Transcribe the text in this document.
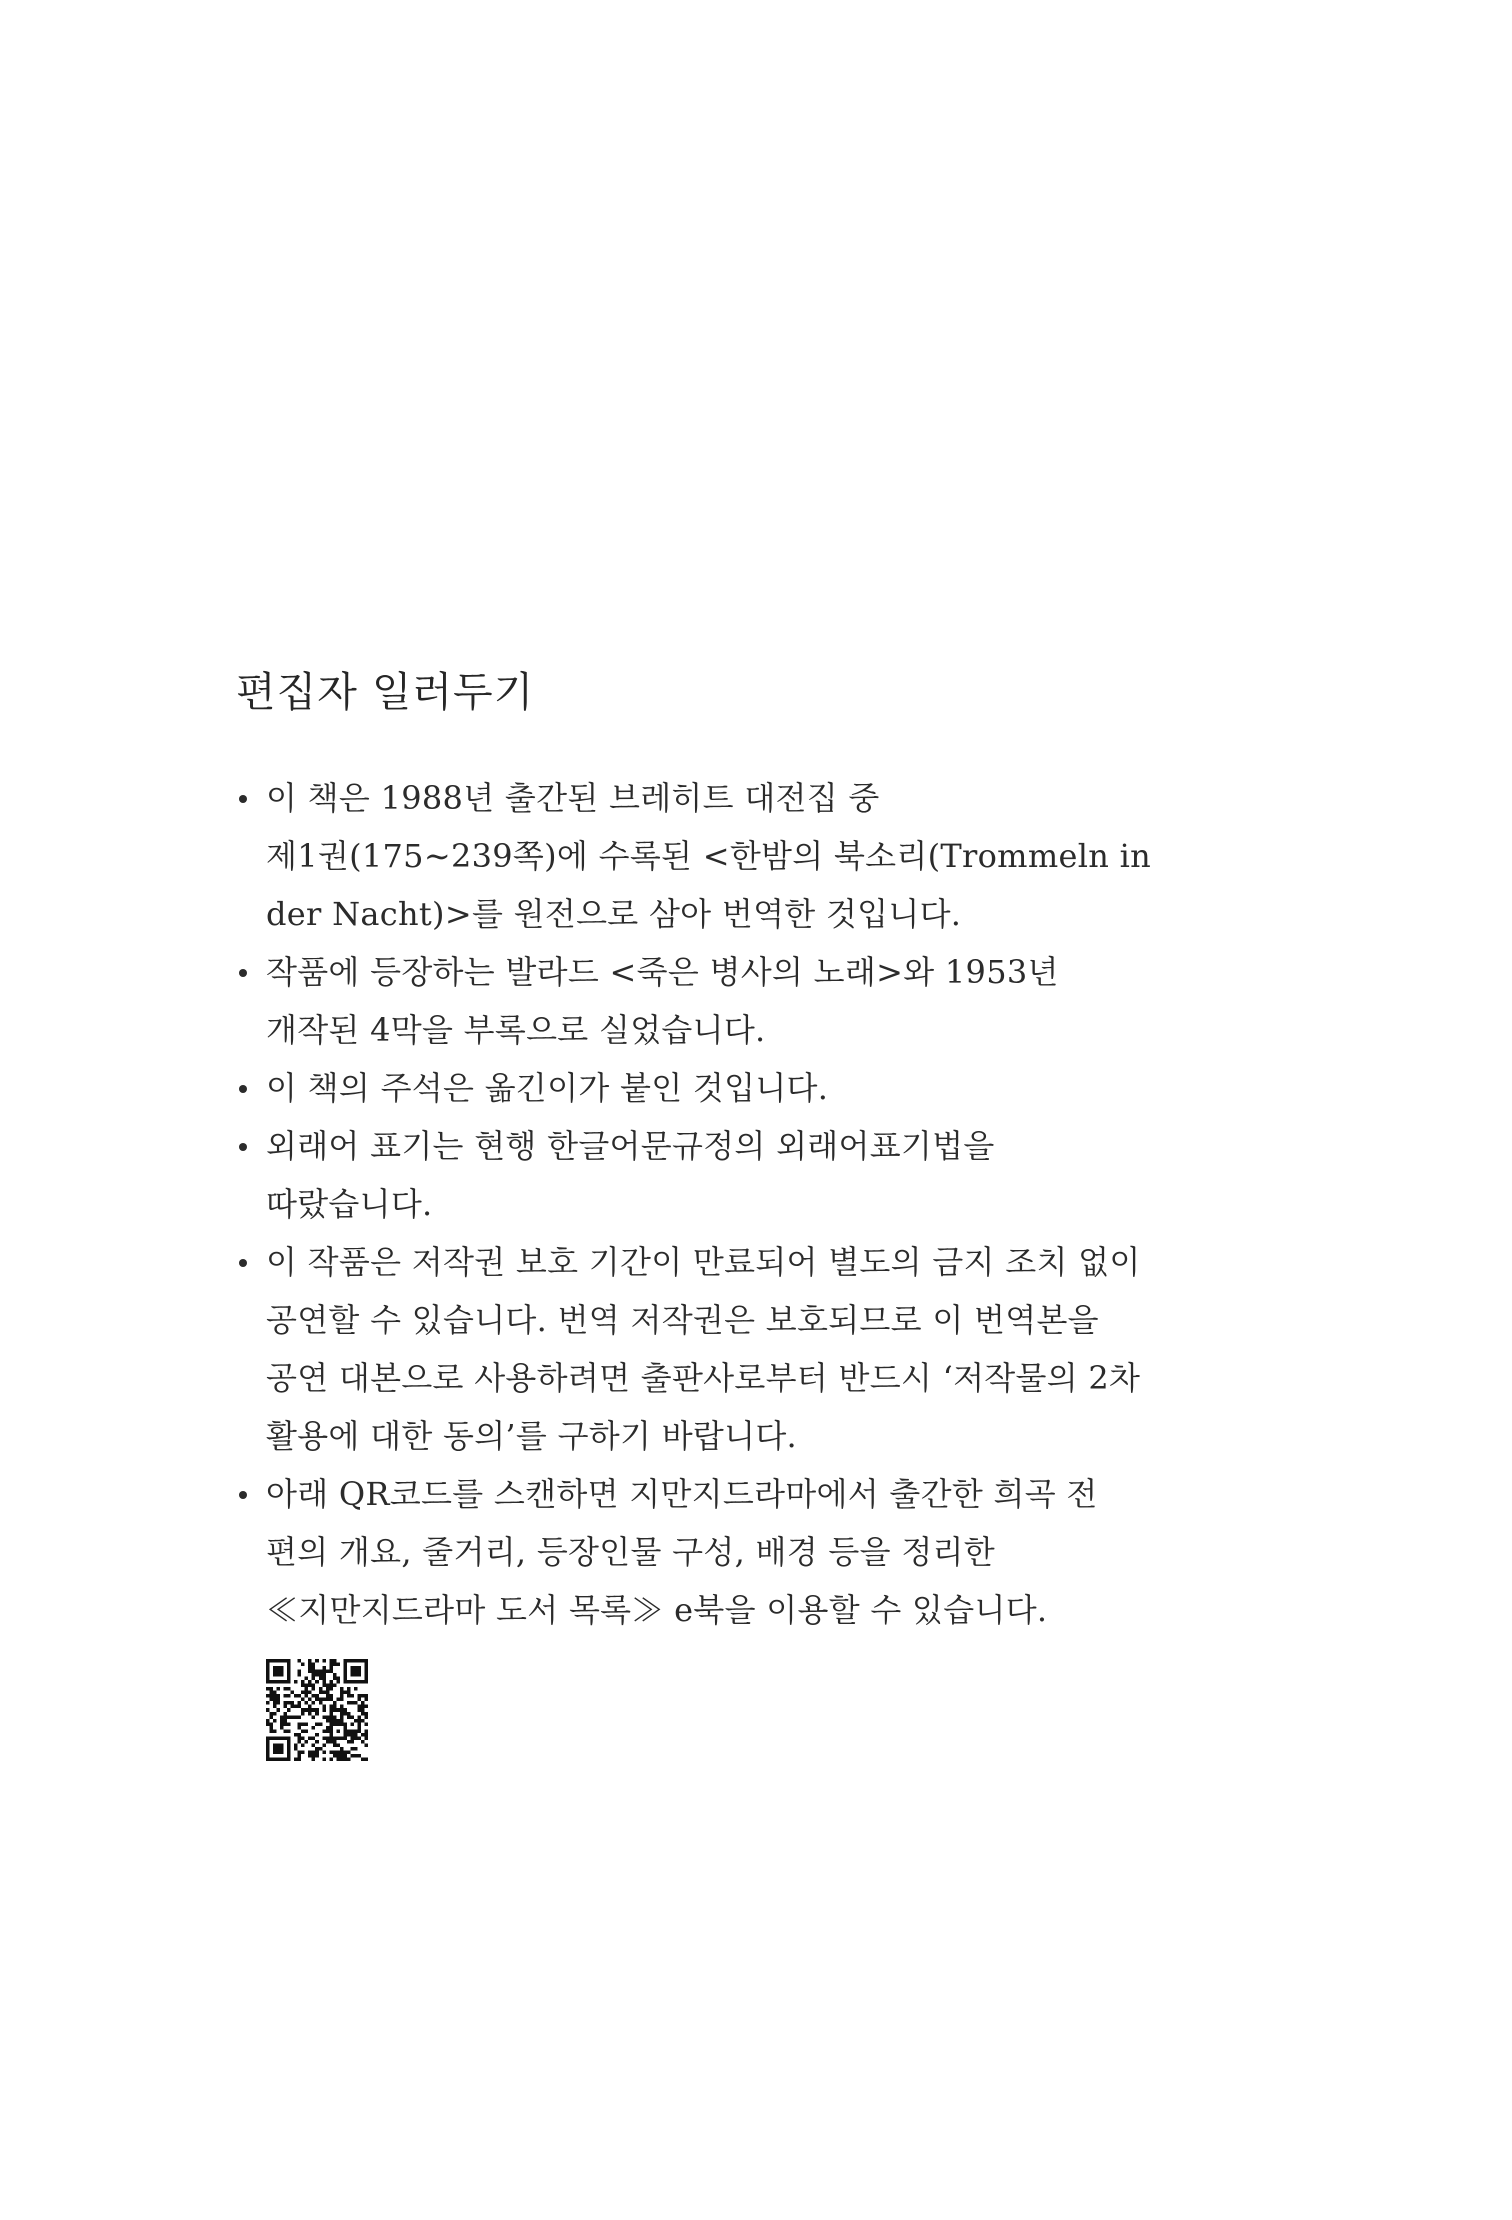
편집자 일러두기
이 책은 1988년 출간된 브레히트 대전집 중
제1권(175∼239쪽)에 수록된 <한밤의 북소리(Trommeln in
der Nacht)>를 원전으로 삼아 번역한 것입니다.
작품에 등장하는 발라드 <죽은 병사의 노래>와 1953년
개작된 4막을 부록으로 실었습니다.
이 책의 주석은 옮긴이가 붙인 것입니다.
외래어 표기는 현행 한글어문규정의 외래어표기법을
따랐습니다.
이 작품은 저작권 보호 기간이 만료되어 별도의 금지 조치 없이
공연할 수 있습니다. 번역 저작권은 보호되므로 이 번역본을
공연 대본으로 사용하려면 출판사로부터 반드시 ‘저작물의 2차
활용에 대한 동의’를 구하기 바랍니다.
아래 QR코드를 스캔하면 지만지드라마에서 출간한 희곡 전
편의 개요, 줄거리, 등장인물 구성, 배경 등을 정리한
≪지만지드라마 도서 목록≫ e북을 이용할 수 있습니다.
